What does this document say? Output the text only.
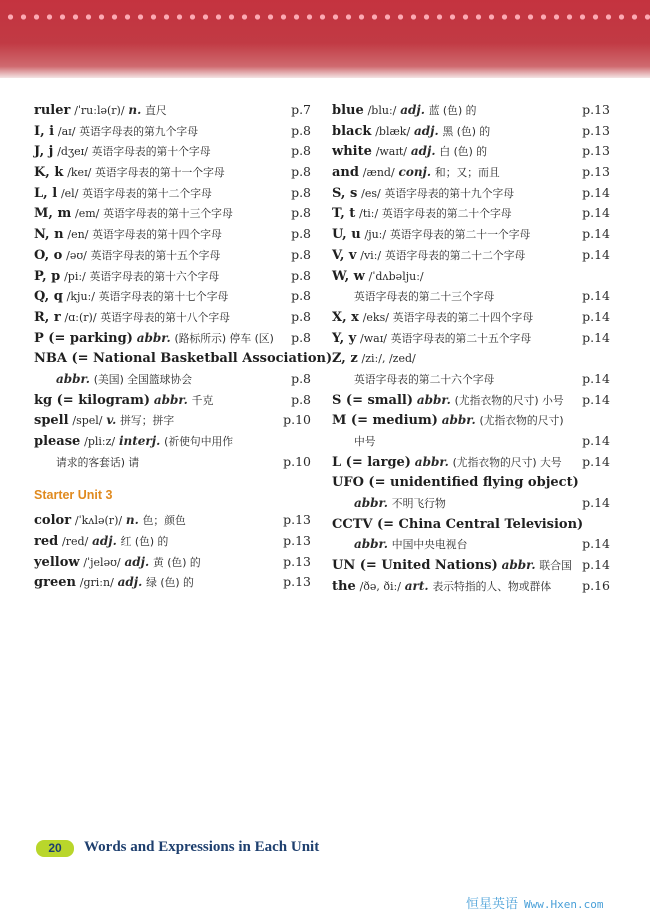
ruler /ˈruːlə(r)/ n. 直尺	p.7
I, i /aɪ/ 英语字母表的第九个字母	p.8
J, j /dʒeɪ/ 英语字母表的第十个字母	p.8
K, k /keɪ/ 英语字母表的第十一个字母	p.8
L, l /el/ 英语字母表的第十二个字母	p.8
M, m /em/ 英语字母表的第十三个字母	p.8
N, n /en/ 英语字母表的第十四个字母	p.8
O, o /əʊ/ 英语字母表的第十五个字母	p.8
P, p /piː/ 英语字母表的第十六个字母	p.8
Q, q /kjuː/ 英语字母表的第十七个字母	p.8
R, r /ɑː(r)/ 英语字母表的第十八个字母	p.8
P (= parking) abbr. (路标所示) 停车 (区) p.8
NBA (= National Basketball Association)
abbr. (美国) 全国篮球协会	p.8
kg (= kilogram) abbr. 千克	p.8
spell /spel/ v. 拼写；拼字	p.10
please /pliːz/ interj. (祈使句中用作
请求的客套话) 请	p.10
Starter Unit 3
color /ˈkʌlə(r)/ n. 色；颜色	p.13
red /red/ adj. 红 (色) 的	p.13
yellow /ˈjeləʊ/ adj. 黄 (色) 的	p.13
green /griːn/ adj. 绿 (色) 的	p.13
blue /bluː/ adj. 蓝 (色) 的	p.13
black /blæk/ adj. 黑 (色) 的	p.13
white /waɪt/ adj. 白 (色) 的	p.13
and /ænd/ conj. 和；又；而且	p.13
S, s /es/ 英语字母表的第十九个字母	p.14
T, t /tiː/ 英语字母表的第二十个字母	p.14
U, u /juː/ 英语字母表的第二十一个字母	p.14
V, v /viː/ 英语字母表的第二十二个字母	p.14
W, w /ˈdʌbəljuː/
英语字母表的第二十三个字母	p.14
X, x /eks/ 英语字母表的第二十四个字母	p.14
Y, y /waɪ/ 英语字母表的第二十五个字母	p.14
Z, z /ziː/, /zed/
英语字母表的第二十六个字母	p.14
S (= small) abbr. (尤指衣物的尺寸) 小号 p.14
M (= medium) abbr. (尤指衣物的尺寸)
中号	p.14
L (= large) abbr. (尤指衣物的尺寸) 大号 p.14
UFO (= unidentified flying object)
abbr. 不明飞行物	p.14
CCTV (= China Central Television)
abbr. 中国中央电视台	p.14
UN (= United Nations) abbr. 联合国 p.14
the /ðə, ðiː/ art. 表示特指的人、物或群体 p.16
20	Words and Expressions in Each Unit
恒星英语 Www.Hxen.com
